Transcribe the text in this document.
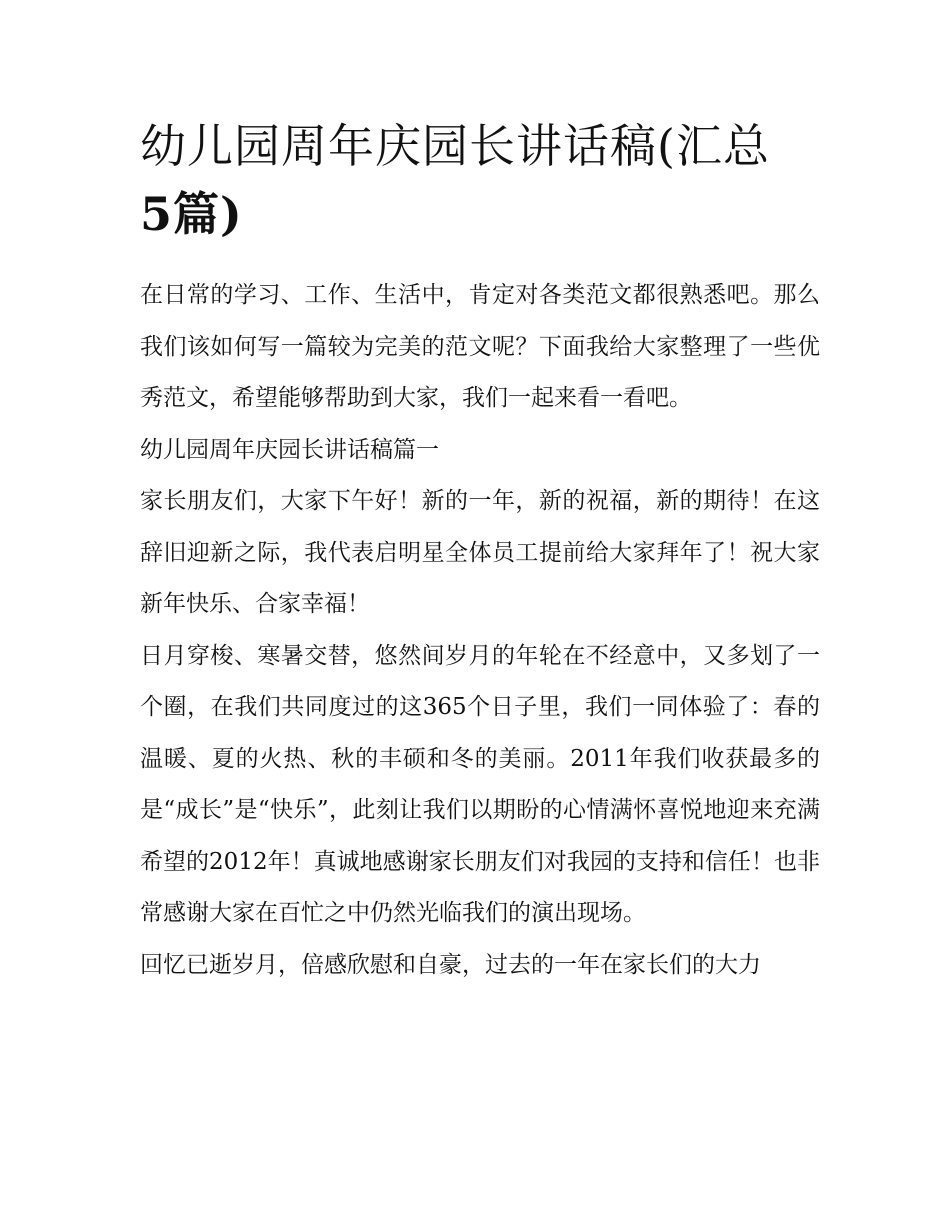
幼儿园周年庆园长讲话稿(汇总
5篇)

在日常的学习、工作、生活中，肯定对各类范文都很熟悉吧。那么我们该如何写一篇较为完美的范文呢？下面我给大家整理了一些优秀范文，希望能够帮助到大家，我们一起来看一看吧。

幼儿园周年庆园长讲话稿篇一

家长朋友们，大家下午好！新的一年，新的祝福，新的期待！在这辞旧迎新之际，我代表启明星全体员工提前给大家拜年了！祝大家新年快乐、合家幸福！

日月穿梭、寒暑交替，悠然间岁月的年轮在不经意中，又多划了一个圈，在我们共同度过的这365个日子里，我们一同体验了：春的温暖、夏的火热、秋的丰硕和冬的美丽。2011年我们收获最多的是“成长”是“快乐”，此刻让我们以期盼的心情满怀喜悦地迎来充满希望的2012年！真诚地感谢家长朋友们对我园的支持和信任！也非常感谢大家在百忙之中仍然光临我们的演出现场。

回忆已逝岁月，倍感欣慰和自豪，过去的一年在家长们的大力
